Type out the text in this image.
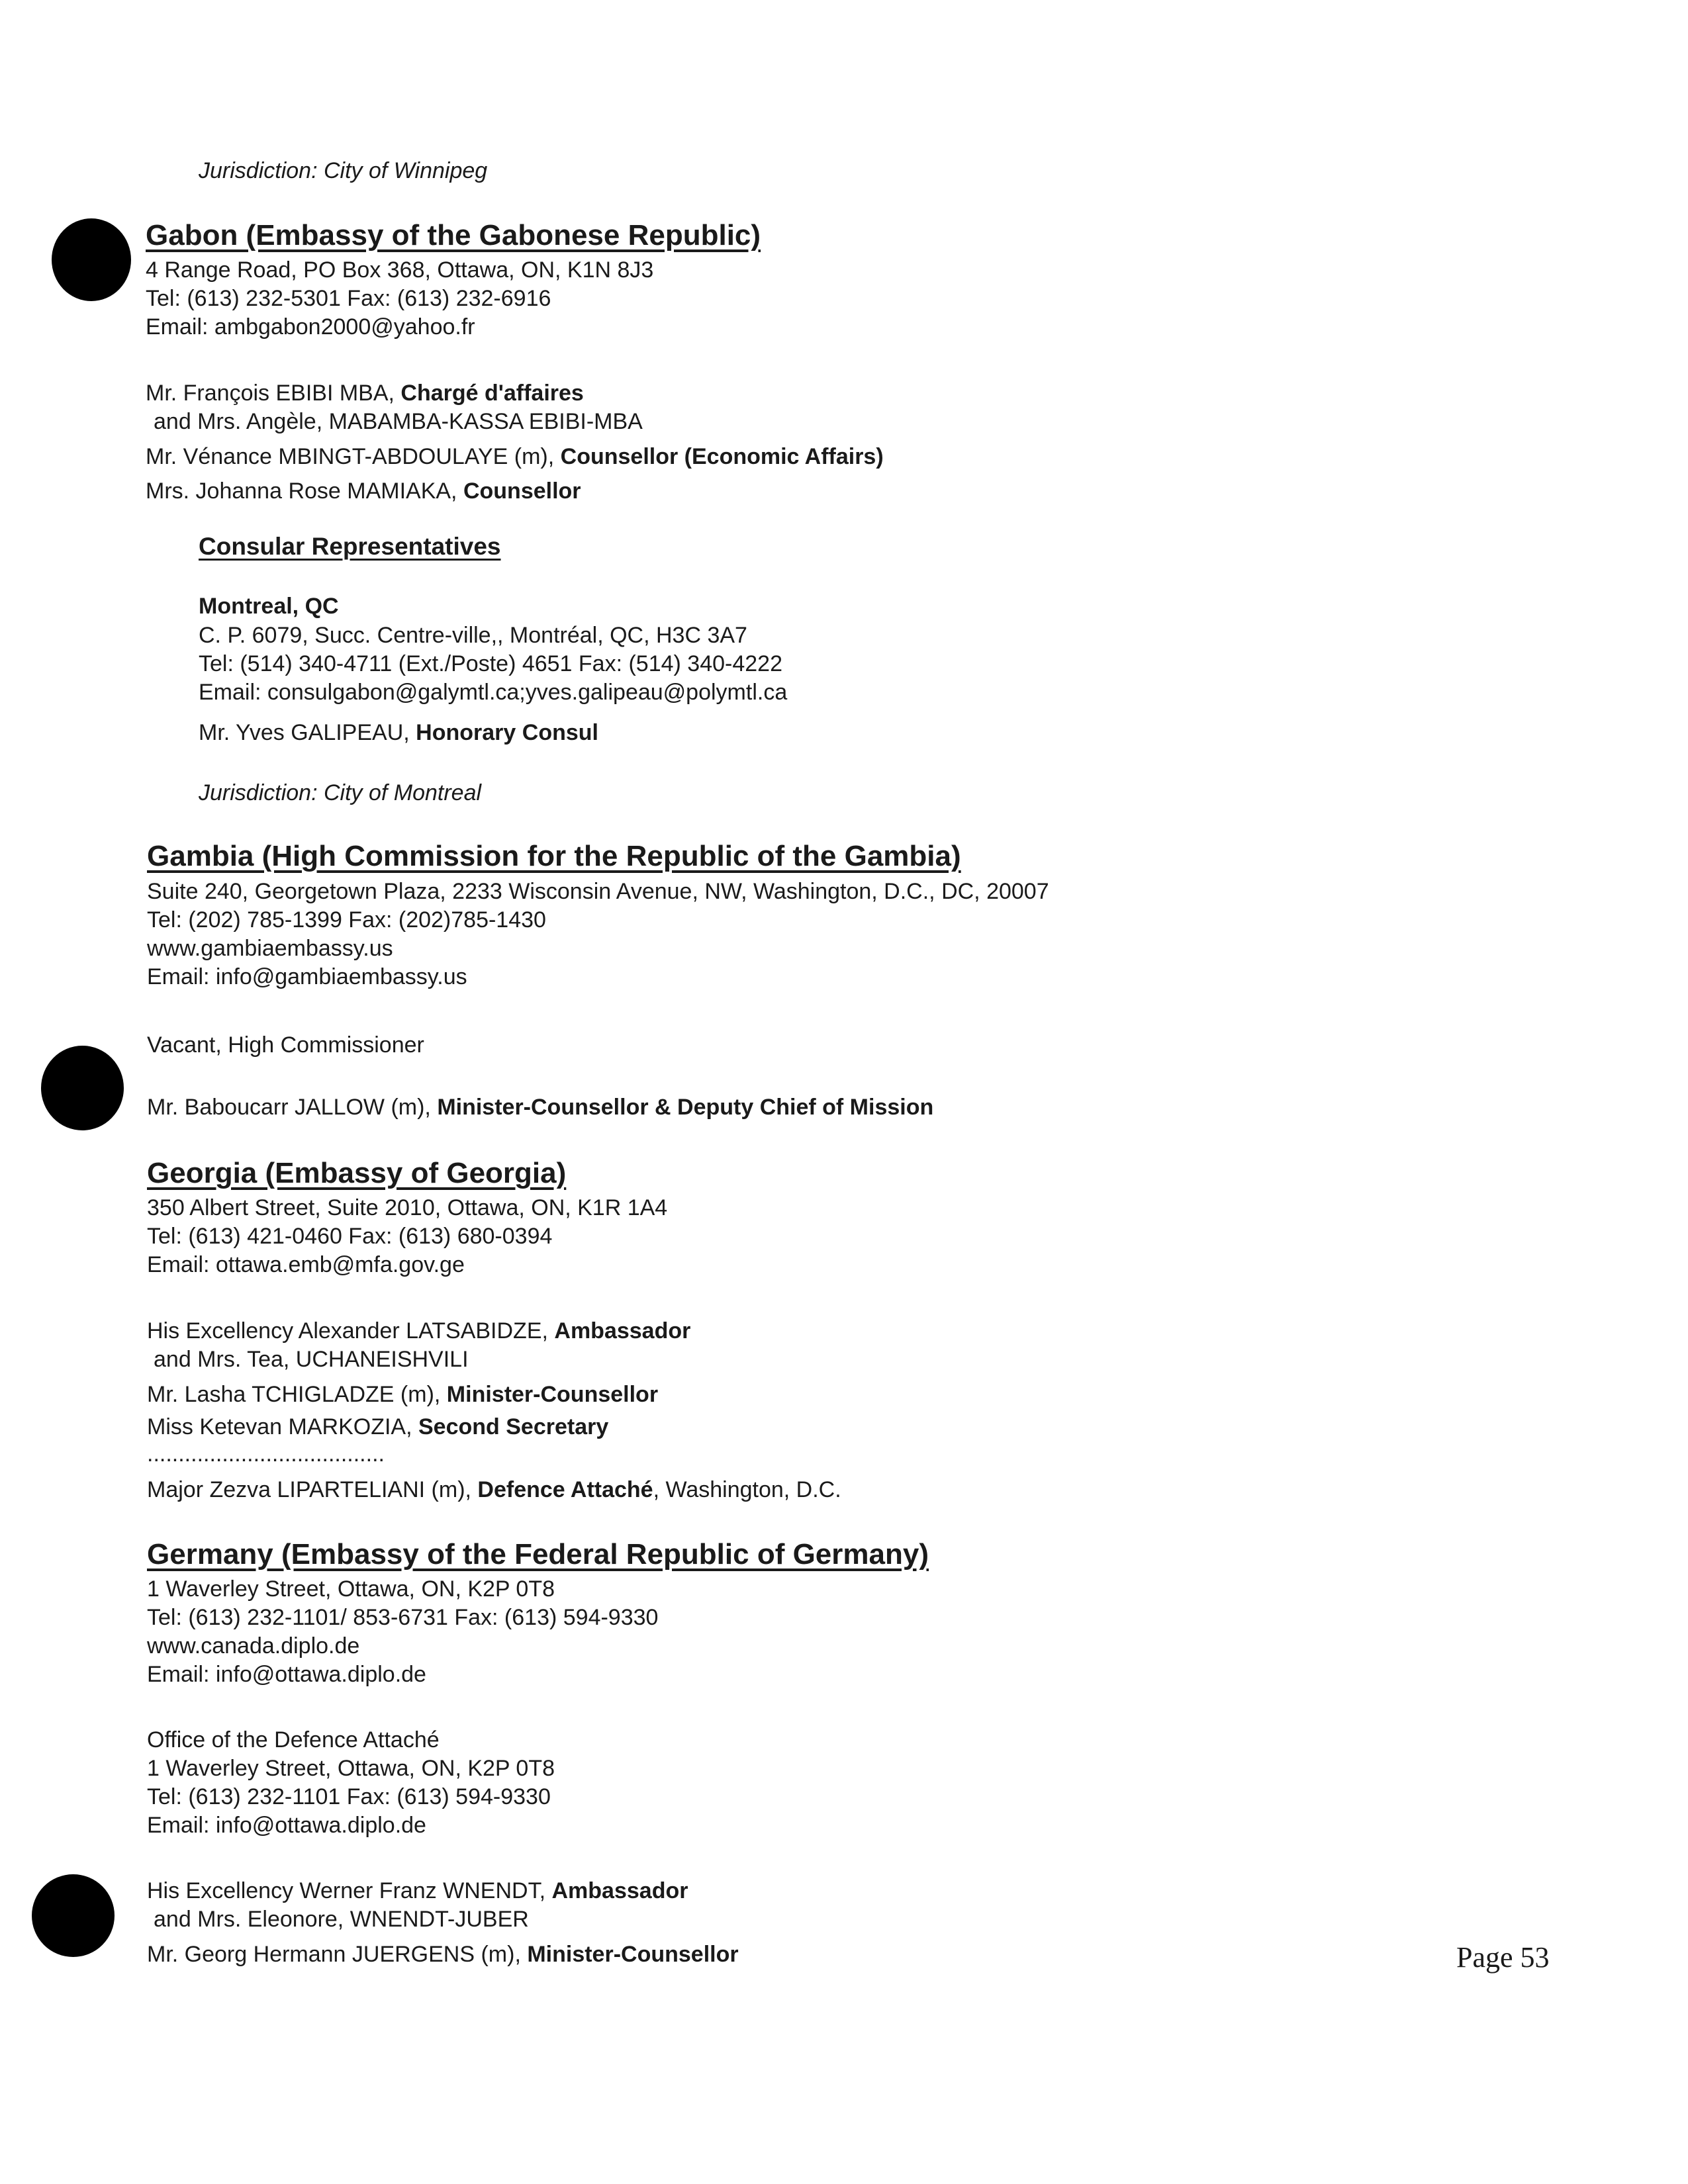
Jurisdiction: City of Winnipeg
Gabon (Embassy of the Gabonese Republic)
4 Range Road, PO Box 368, Ottawa, ON, K1N 8J3
Tel: (613) 232-5301 Fax: (613) 232-6916
Email: ambgabon2000@yahoo.fr
Mr. François EBIBI MBA, Chargé d'affaires
and Mrs. Angèle, MABAMBA-KASSA EBIBI-MBA
Mr. Vénance MBINGT-ABDOULAYE (m), Counsellor (Economic Affairs)
Mrs. Johanna Rose MAMIAKA, Counsellor
Consular Representatives
Montreal, QC
C. P. 6079, Succ. Centre-ville,, Montréal, QC, H3C 3A7
Tel: (514) 340-4711 (Ext./Poste) 4651 Fax: (514) 340-4222
Email: consulgabon@galymtl.ca;yves.galipeau@polymtl.ca
Mr. Yves GALIPEAU, Honorary Consul
Jurisdiction: City of Montreal
Gambia (High Commission for the Republic of the Gambia)
Suite 240, Georgetown Plaza, 2233 Wisconsin Avenue, NW, Washington, D.C., DC, 20007
Tel: (202) 785-1399 Fax: (202)785-1430
www.gambiaembassy.us
Email: info@gambiaembassy.us
Vacant, High Commissioner
Mr. Baboucarr JALLOW (m), Minister-Counsellor & Deputy Chief of Mission
Georgia (Embassy of Georgia)
350 Albert Street, Suite 2010, Ottawa, ON, K1R 1A4
Tel: (613) 421-0460 Fax: (613) 680-0394
Email: ottawa.emb@mfa.gov.ge
His Excellency Alexander LATSABIDZE, Ambassador
and Mrs. Tea, UCHANEISHVILI
Mr. Lasha TCHIGLADZE (m), Minister-Counsellor
Miss Ketevan MARKOZIA, Second Secretary
......................................
Major Zezva LIPARTELIANI (m), Defence Attaché, Washington, D.C.
Germany (Embassy of the Federal Republic of Germany)
1 Waverley Street, Ottawa, ON, K2P 0T8
Tel: (613) 232-1101/ 853-6731 Fax: (613) 594-9330
www.canada.diplo.de
Email: info@ottawa.diplo.de
Office of the Defence Attaché
1 Waverley Street, Ottawa, ON, K2P 0T8
Tel: (613) 232-1101 Fax: (613) 594-9330
Email: info@ottawa.diplo.de
His Excellency Werner Franz WNENDT, Ambassador
and Mrs. Eleonore, WNENDT-JUBER
Mr. Georg Hermann JUERGENS (m), Minister-Counsellor	Page 53
